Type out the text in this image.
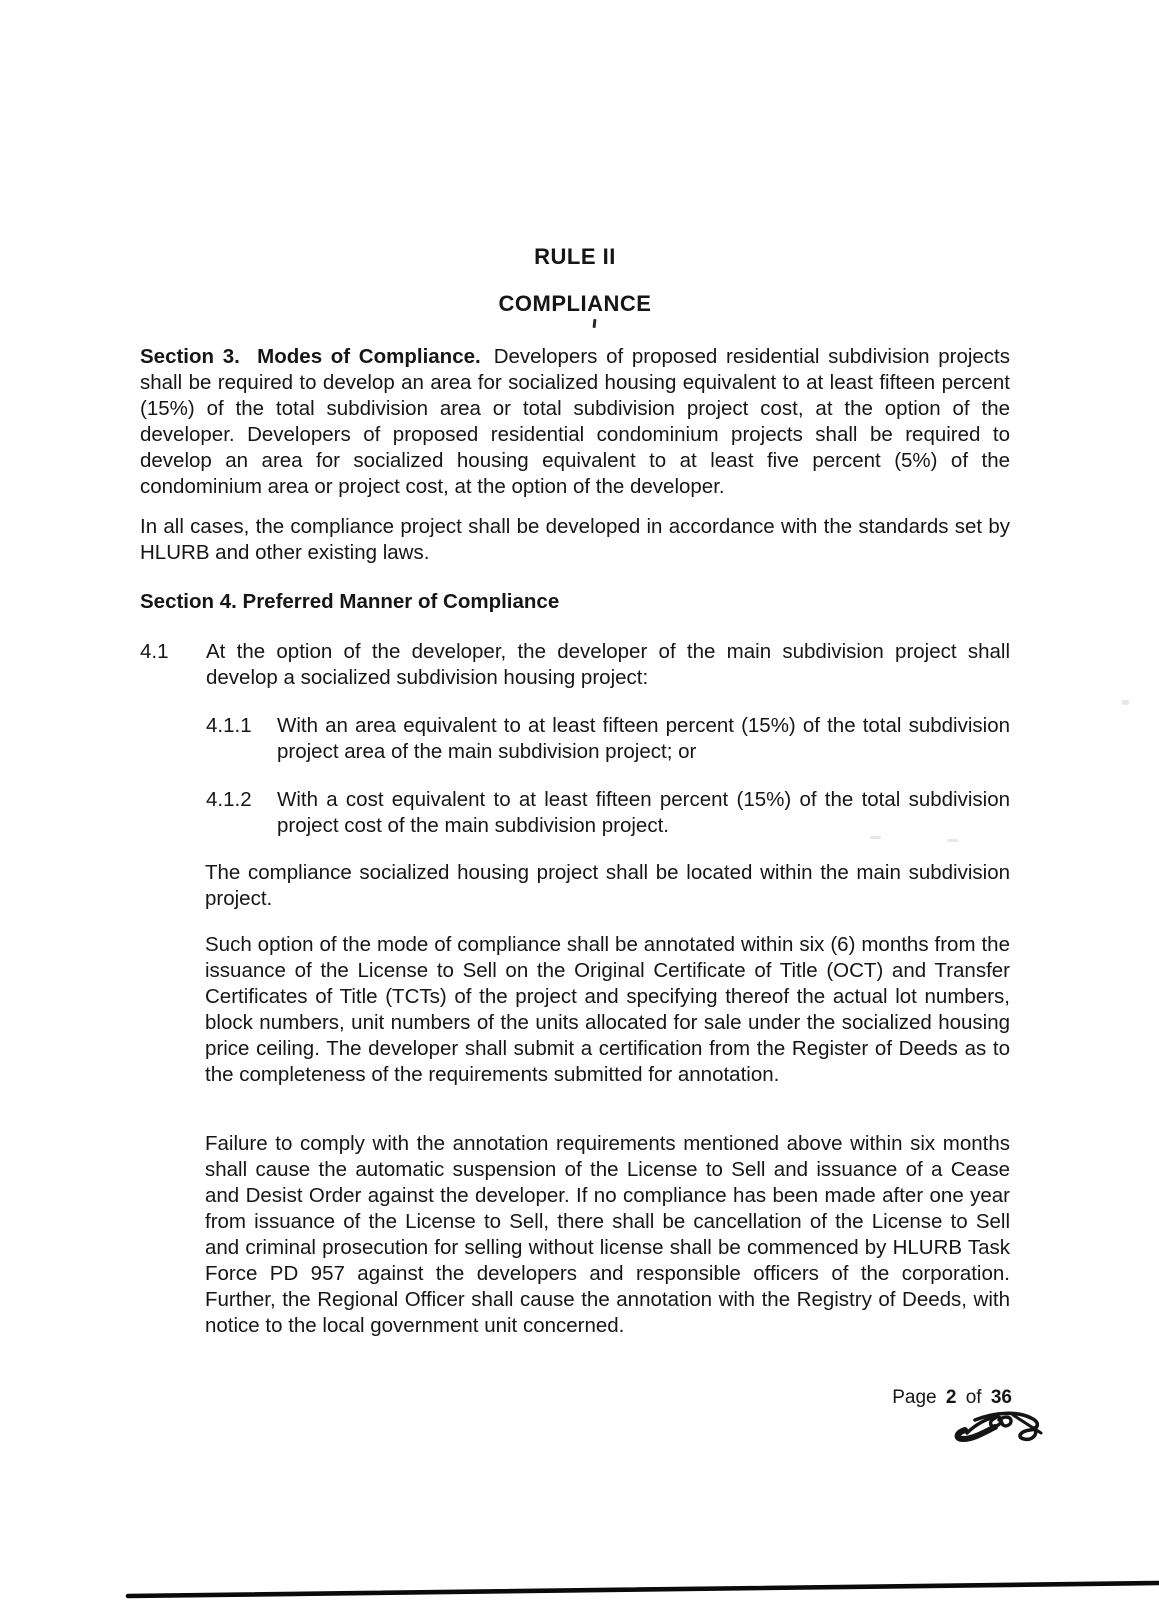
RULE II
COMPLIANCE
Section 3.  Modes of Compliance. Developers of proposed residential subdivision projects shall be required to develop an area for socialized housing equivalent to at least fifteen percent (15%) of the total subdivision area or total subdivision project cost, at the option of the developer. Developers of proposed residential condominium projects shall be required to develop an area for socialized housing equivalent to at least five percent (5%) of the condominium area or project cost, at the option of the developer.
In all cases, the compliance project shall be developed in accordance with the standards set by HLURB and other existing laws.
Section 4. Preferred Manner of Compliance
4.1	At the option of the developer, the developer of the main subdivision project shall develop a socialized subdivision housing project:
4.1.1	With an area equivalent to at least fifteen percent (15%) of the total subdivision project area of the main subdivision project; or
4.1.2	With a cost equivalent to at least fifteen percent (15%) of the total subdivision project cost of the main subdivision project.
The compliance socialized housing project shall be located within the main subdivision project.
Such option of the mode of compliance shall be annotated within six (6) months from the issuance of the License to Sell on the Original Certificate of Title (OCT) and Transfer Certificates of Title (TCTs) of the project and specifying thereof the actual lot numbers, block numbers, unit numbers of the units allocated for sale under the socialized housing price ceiling. The developer shall submit a certification from the Register of Deeds as to the completeness of the requirements submitted for annotation.
Failure to comply with the annotation requirements mentioned above within six months shall cause the automatic suspension of the License to Sell and issuance of a Cease and Desist Order against the developer. If no compliance has been made after one year from issuance of the License to Sell, there shall be cancellation of the License to Sell and criminal prosecution for selling without license shall be commenced by HLURB Task Force PD 957 against the developers and responsible officers of the corporation. Further, the Regional Officer shall cause the annotation with the Registry of Deeds, with notice to the local government unit concerned.
Page 2 of 36
